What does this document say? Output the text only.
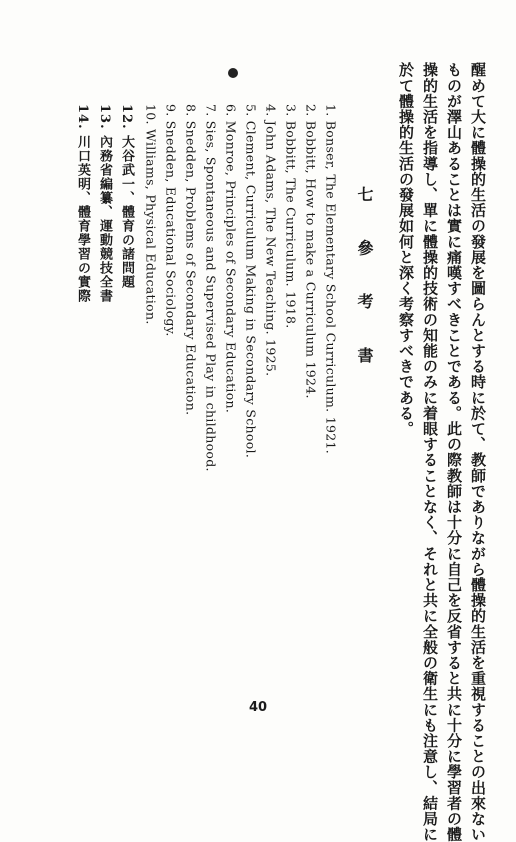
醒めて大に體操的生活の發展を圖らんとする時に於て、教師でありながら體操的生活を重視することの出來ない
ものが澤山あることは實に痛嘆すべきことである。此の際教師は十分に自己を反省すると共に十分に學習者の體
操的生活を指導し、單に體操的技術の知能のみに着眼することなく、それと共に全般の衛生にも注意し、結局に
於て體操的生活の發展如何と深く考察すべきである。
七 參 考 書
1. Bonser, The Elementary School Curriculum. 1921.
2. Bobbitt, How to make a Curriculum 1924.
3. Bobbitt, The Curriculum. 1918.
4. John Adams, The New Teaching. 1925.
5. Clement, Curriculum Making in Secondary School.
6. Monroe, Principles of Secondary Education.
7. Sies, Spontaneous and Supervised Play in childhood.
8. Snedden, Problems of Secondary Education.
9. Snedden, Educational Sociology.
10. Williams, Physical Education.
12. 大谷武一、體育の諸問題
13. 內務省編纂、運動競技全書
14. 川口英明、體育學習の實際
40
